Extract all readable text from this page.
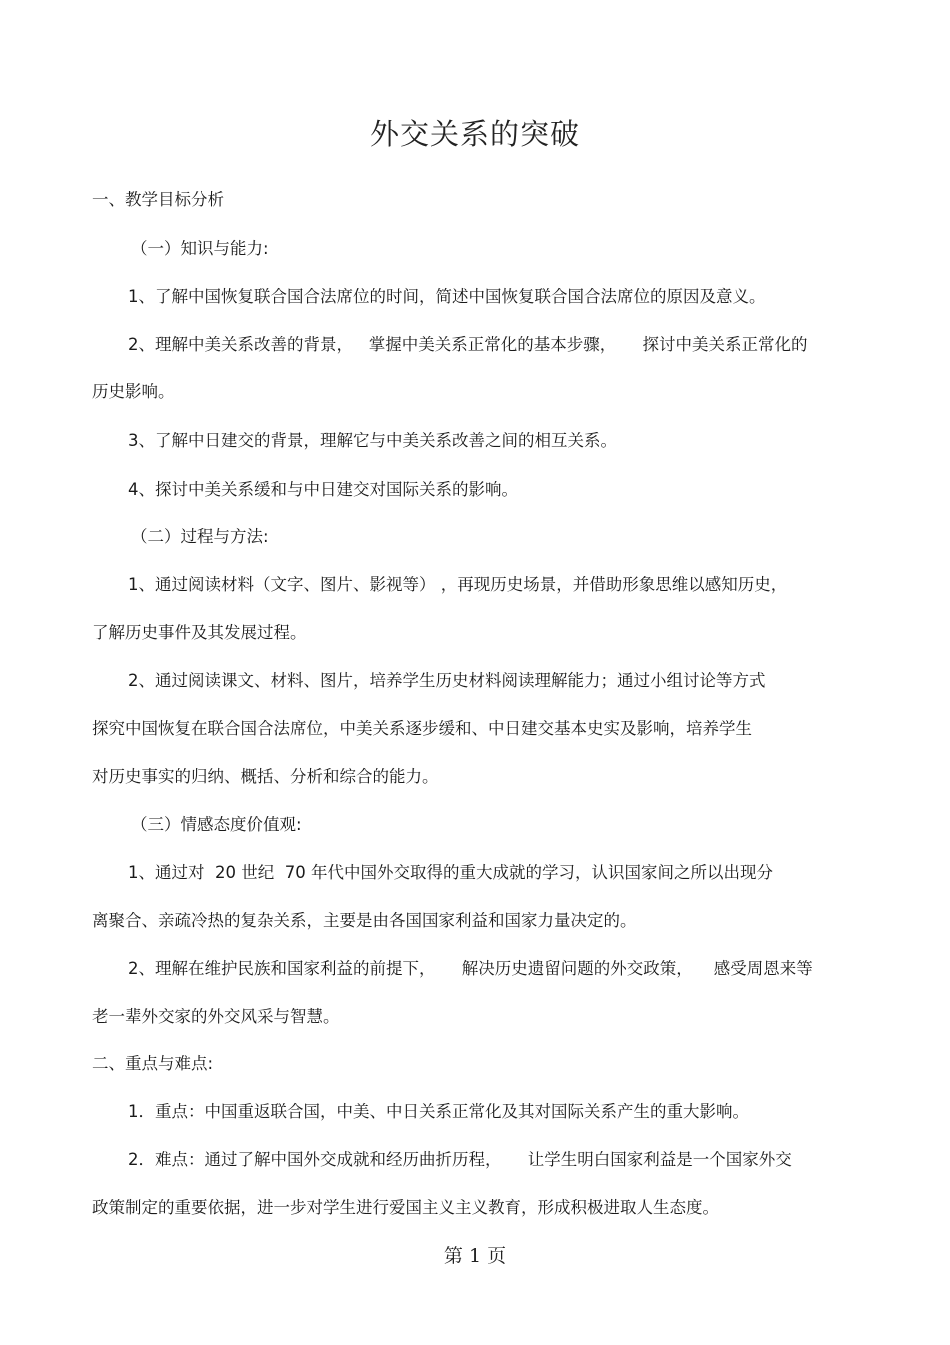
外交关系的突破
一、教学目标分析
（一）知识与能力:
1、了解中国恢复联合国合法席位的时间，简述中国恢复联合国合法席位的原因及意义。
2、理解中美关系改善的背景，   掌握中美关系正常化的基本步骤，     探讨中美关系正常化的
历史影响。
3、了解中日建交的背景，理解它与中美关系改善之间的相互关系。
4、探讨中美关系缓和与中日建交对国际关系的影响。
（二）过程与方法:
1、通过阅读材料（文字、图片、影视等） ，再现历史场景，并借助形象思维以感知历史，
了解历史事件及其发展过程。
2、通过阅读课文、材料、图片，培养学生历史材料阅读理解能力；通过小组讨论等方式
探究中国恢复在联合国合法席位，中美关系逐步缓和、中日建交基本史实及影响，培养学生
对历史事实的归纳、概括、分析和综合的能力。
（三）情感态度价值观:
1、通过对  20 世纪  70 年代中国外交取得的重大成就的学习，认识国家间之所以出现分
离聚合、亲疏冷热的复杂关系，主要是由各国国家利益和国家力量决定的。
2、理解在维护民族和国家利益的前提下，     解决历史遗留问题的外交政策，    感受周恩来等
老一辈外交家的外交风采与智慧。
二、重点与难点:
1．重点：中国重返联合国，中美、中日关系正常化及其对国际关系产生的重大影响。
2．难点：通过了解中国外交成就和经历曲折历程，     让学生明白国家利益是一个国家外交
政策制定的重要依据，进一步对学生进行爱国主义主义教育，形成积极进取人生态度。
第 1 页
